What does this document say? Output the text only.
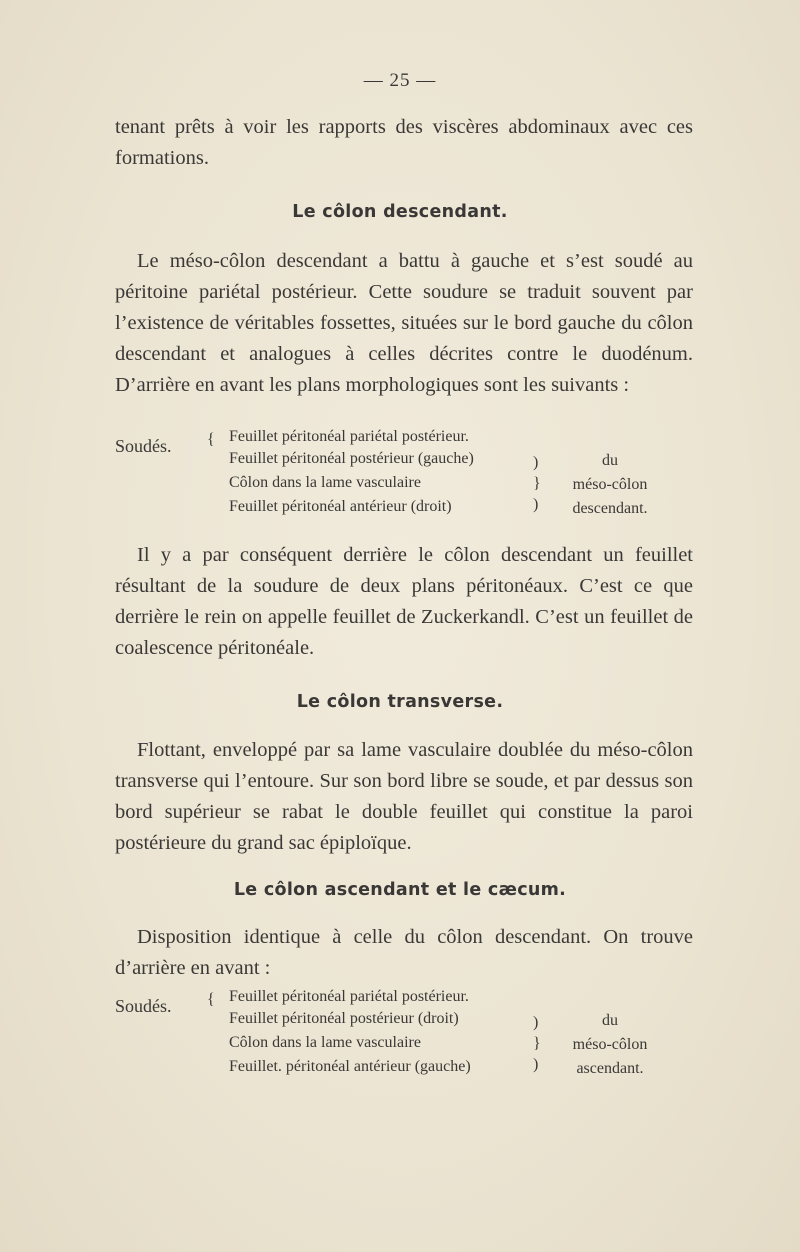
— 25 —

tenant prêts à voir les rapports des viscères abdominaux avec ces formations.

Le côlon descendant.

Le méso-côlon descendant a battu à gauche et s’est soudé au péritoine pariétal postérieur. Cette soudure se traduit souvent par l’existence de véritables fossettes, situées sur le bord gauche du côlon descendant et analogues à celles décrites contre le duodénum. D’arrière en avant les plans morphologiques sont les suivants :

Soudés. { Feuillet péritonéal pariétal postérieur.
Feuillet péritonéal postérieur (gauche)
Côlon dans la lame vasculaire
Feuillet péritonéal antérieur (droit)
)
}
)
du
méso-côlon
descendant.

Il y a par conséquent derrière le côlon descendant un feuillet résultant de la soudure de deux plans péritonéaux. C’est ce que derrière le rein on appelle feuillet de Zuckerkandl. C’est un feuillet de coalescence péritonéale.

Le côlon transverse.

Flottant, enveloppé par sa lame vasculaire doublée du méso-côlon transverse qui l’entoure. Sur son bord libre se soude, et par dessus son bord supérieur se rabat le double feuillet qui constitue la paroi postérieure du grand sac épiploïque.

Le côlon ascendant et le cæcum.

Disposition identique à celle du côlon descendant. On trouve d’arrière en avant :

Soudés. { Feuillet péritonéal pariétal postérieur.
Feuillet péritonéal postérieur (droit)
Côlon dans la lame vasculaire
Feuillet. péritonéal antérieur (gauche)
)
}
)
du
méso-côlon
ascendant.
